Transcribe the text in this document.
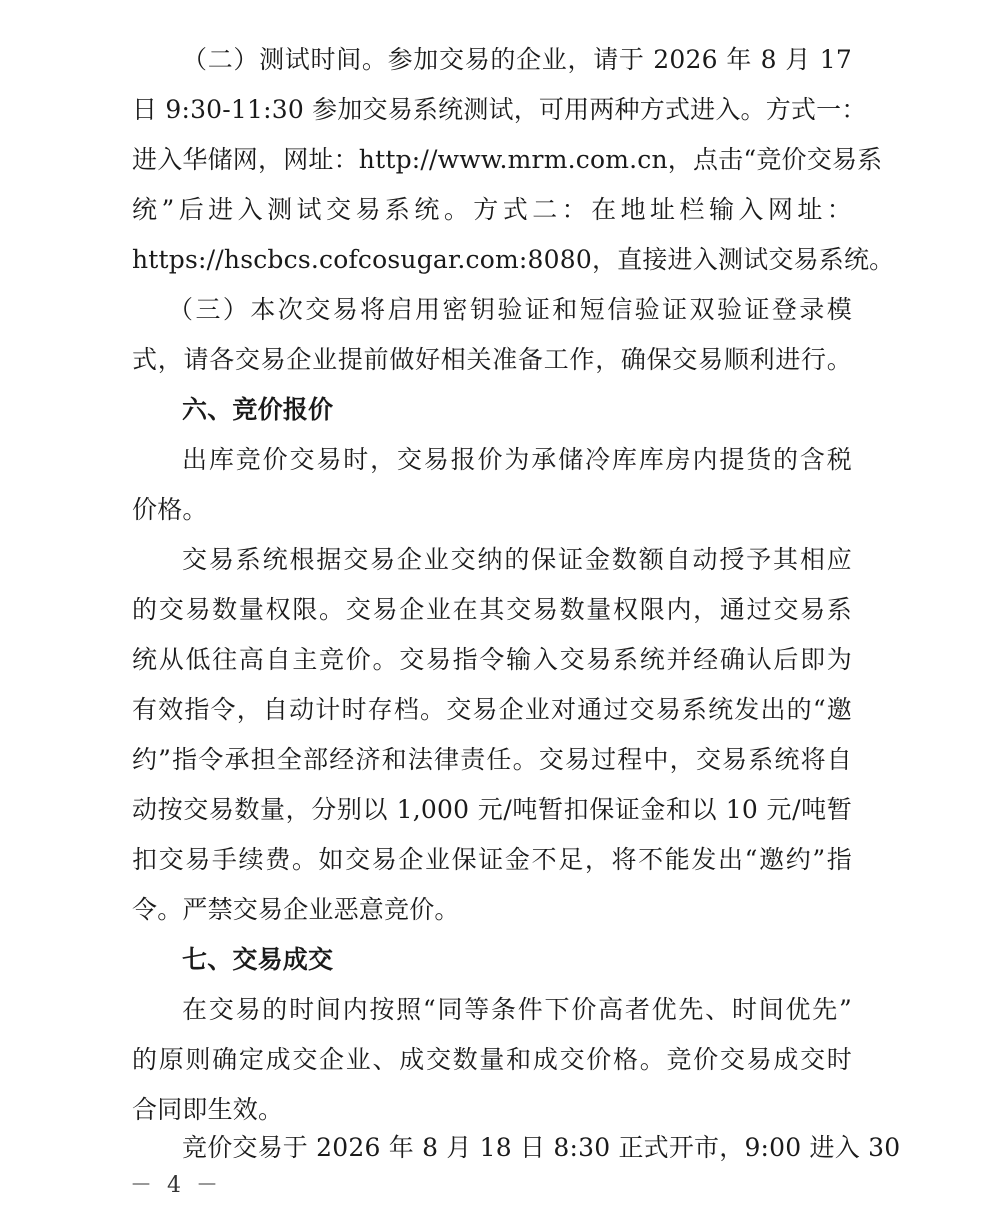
（二）测试时间。参加交易的企业，请于 2026 年 8 月 17
日 9:30-11:30 参加交易系统测试，可用两种方式进入。方式一：
进入华储网，网址：http://www.mrm.com.cn，点击“竞价交易系
统”后进入测试交易系统。方式二：在地址栏输入网址：
https://hscbcs.cofcosugar.com:8080，直接进入测试交易系统。
（三）本次交易将启用密钥验证和短信验证双验证登录模
式，请各交易企业提前做好相关准备工作，确保交易顺利进行。
六、竞价报价
出库竞价交易时，交易报价为承储冷库库房内提货的含税
价格。
交易系统根据交易企业交纳的保证金数额自动授予其相应
的交易数量权限。交易企业在其交易数量权限内，通过交易系
统从低往高自主竞价。交易指令输入交易系统并经确认后即为
有效指令，自动计时存档。交易企业对通过交易系统发出的“邀
约”指令承担全部经济和法律责任。交易过程中，交易系统将自
动按交易数量，分别以 1,000 元/吨暂扣保证金和以 10 元/吨暂
扣交易手续费。如交易企业保证金不足，将不能发出“邀约”指
令。严禁交易企业恶意竞价。
七、交易成交
在交易的时间内按照“同等条件下价高者优先、时间优先”
的原则确定成交企业、成交数量和成交价格。竞价交易成交时
合同即生效。
竞价交易于 2026 年 8 月 18 日 8:30 正式开市，9:00 进入 30
－ 4 －
